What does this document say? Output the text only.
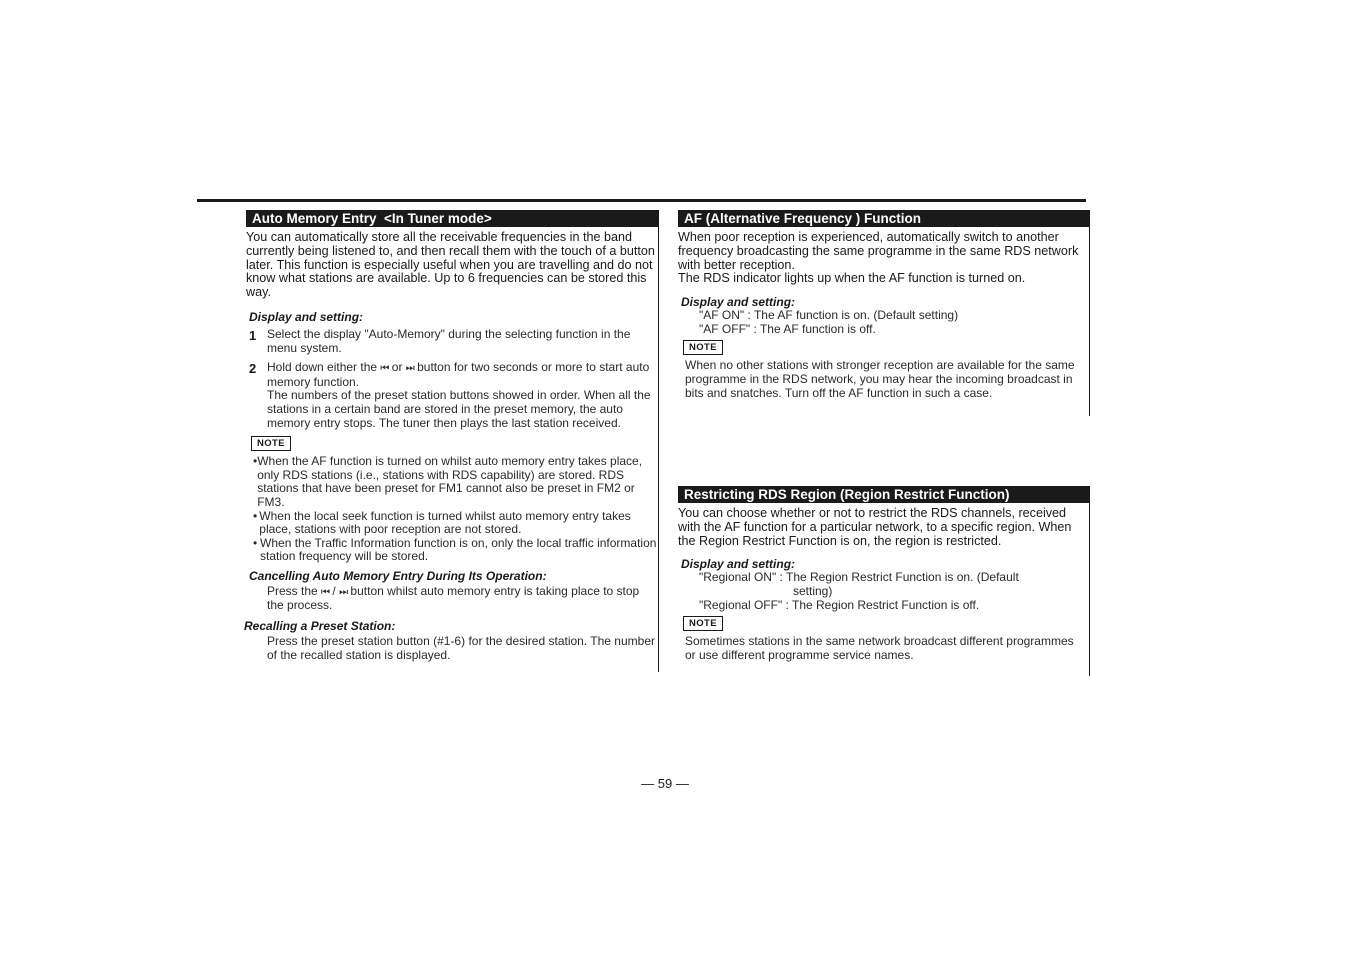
Auto Memory Entry  <In Tuner mode>

You can automatically store all the receivable frequencies in the band currently being listened to, and then recall them with the touch of a button later. This function is especially useful when you are travelling and do not know what stations are available. Up to 6 frequencies can be stored this way.

Display and setting:
1 Select the display "Auto-Memory" during the selecting function in the menu system.
2 Hold down either the ⏮ or ⏭ button for two seconds or more to start auto memory function.
The numbers of the preset station buttons showed in order. When all the stations in a certain band are stored in the preset memory, the auto memory entry stops. The tuner then plays the last station received.
NOTE
• When the AF function is turned on whilst auto memory entry takes place, only RDS stations (i.e., stations with RDS capability) are stored. RDS stations that have been preset for FM1 cannot also be preset in FM2 or FM3.
• When the local seek function is turned whilst auto memory entry takes place, stations with poor reception are not stored.
• When the Traffic Information function is on, only the local traffic information station frequency will be stored.
Cancelling Auto Memory Entry During Its Operation:
Press the ⏮ / ⏭ button whilst auto memory entry is taking place to stop the process.
Recalling a Preset Station:
Press the preset station button (#1-6) for the desired station. The number of the recalled station is displayed.
AF (Alternative Frequency ) Function

When poor reception is experienced, automatically switch to another frequency broadcasting the same programme in the same RDS network with better reception.

The RDS indicator lights up when the AF function is turned on.

Display and setting:
"AF ON" : The AF function is on. (Default setting)
"AF OFF" : The AF function is off.
NOTE
When no other stations with stronger reception are available for the same programme in the RDS network, you may hear the incoming broadcast in bits and snatches. Turn off the AF function in such a case.
Restricting RDS Region (Region Restrict Function)

You can choose whether or not to restrict the RDS channels, received with the AF function for a particular network, to a specific region. When the Region Restrict Function is on, the region is restricted.

Display and setting:
"Regional ON" : The Region Restrict Function is on. (Default
setting)
"Regional OFF" : The Region Restrict Function is off.
NOTE
Sometimes stations in the same network broadcast different programmes or use different programme service names.
— 59 —
